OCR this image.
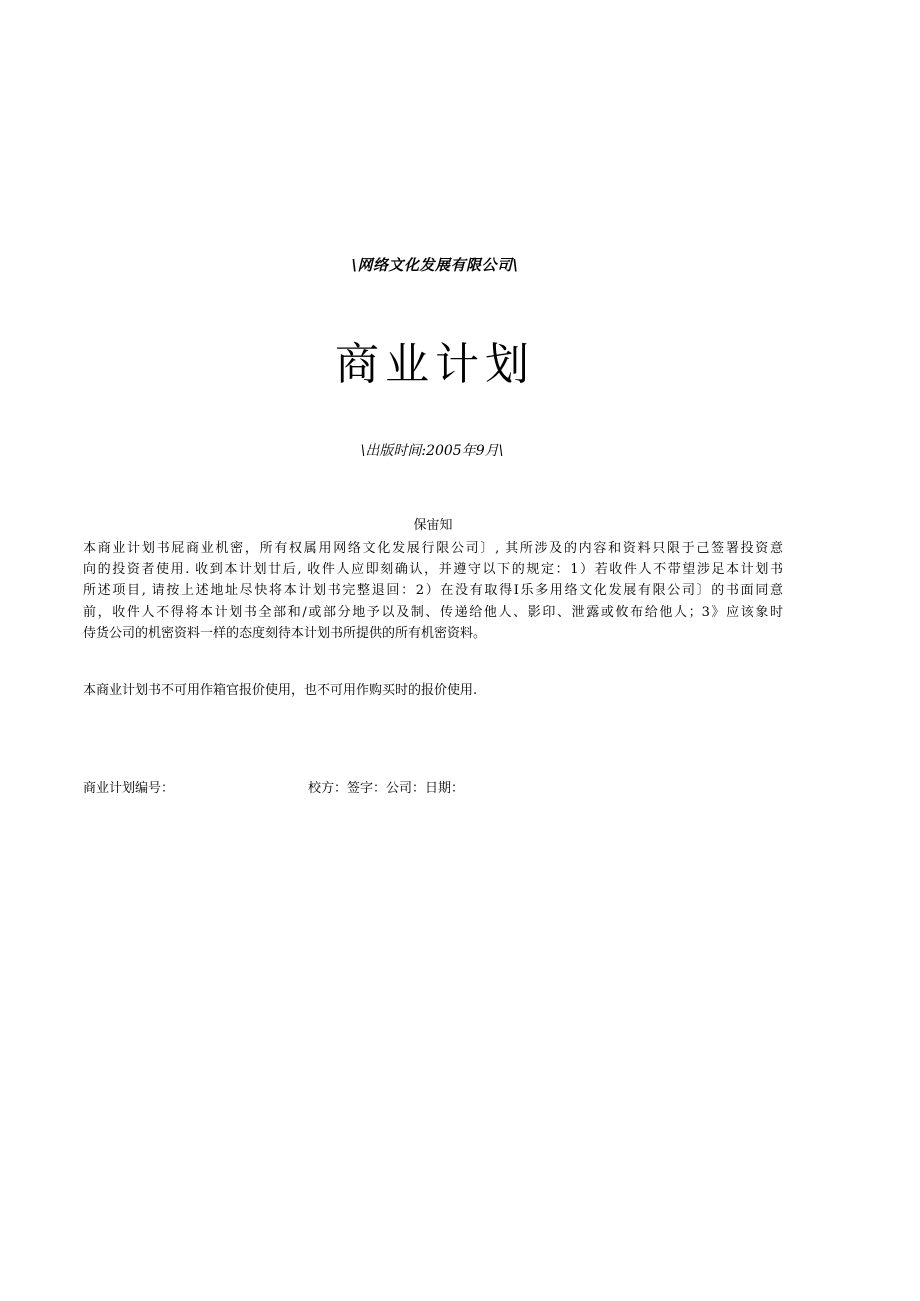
\网络文化发展有限公司\
商业计划
\出版时间:2005年9月\
保宙知
本商业计划书屁商业机密，所有权属用网络文化发展行限公司〕, 其所涉及的内容和资料只限于己签署投资意
向的投资者使用. 收到本计划廿后, 收件人应即刻确认，并遵守以下的规定：1）若收件人不带望涉足本计划书
所述项目, 请按上述地址尽快将本计划书完整退回：2）在没有取得I乐多用络文化发展有限公司〕的书面同意
前，收件人不得将本计划书全部和/或部分地予以及制、传递给他人、影印、泄露或攸布给他人；3》应该象时
侍货公司的机密资料一样的态度刻待本计划书所提供的所有机密资料。
本商业计划书不可用作箱官报价使用，也不可用作购买时的报价使用.
商业计划编号：	校方：签字：公司：日期：
